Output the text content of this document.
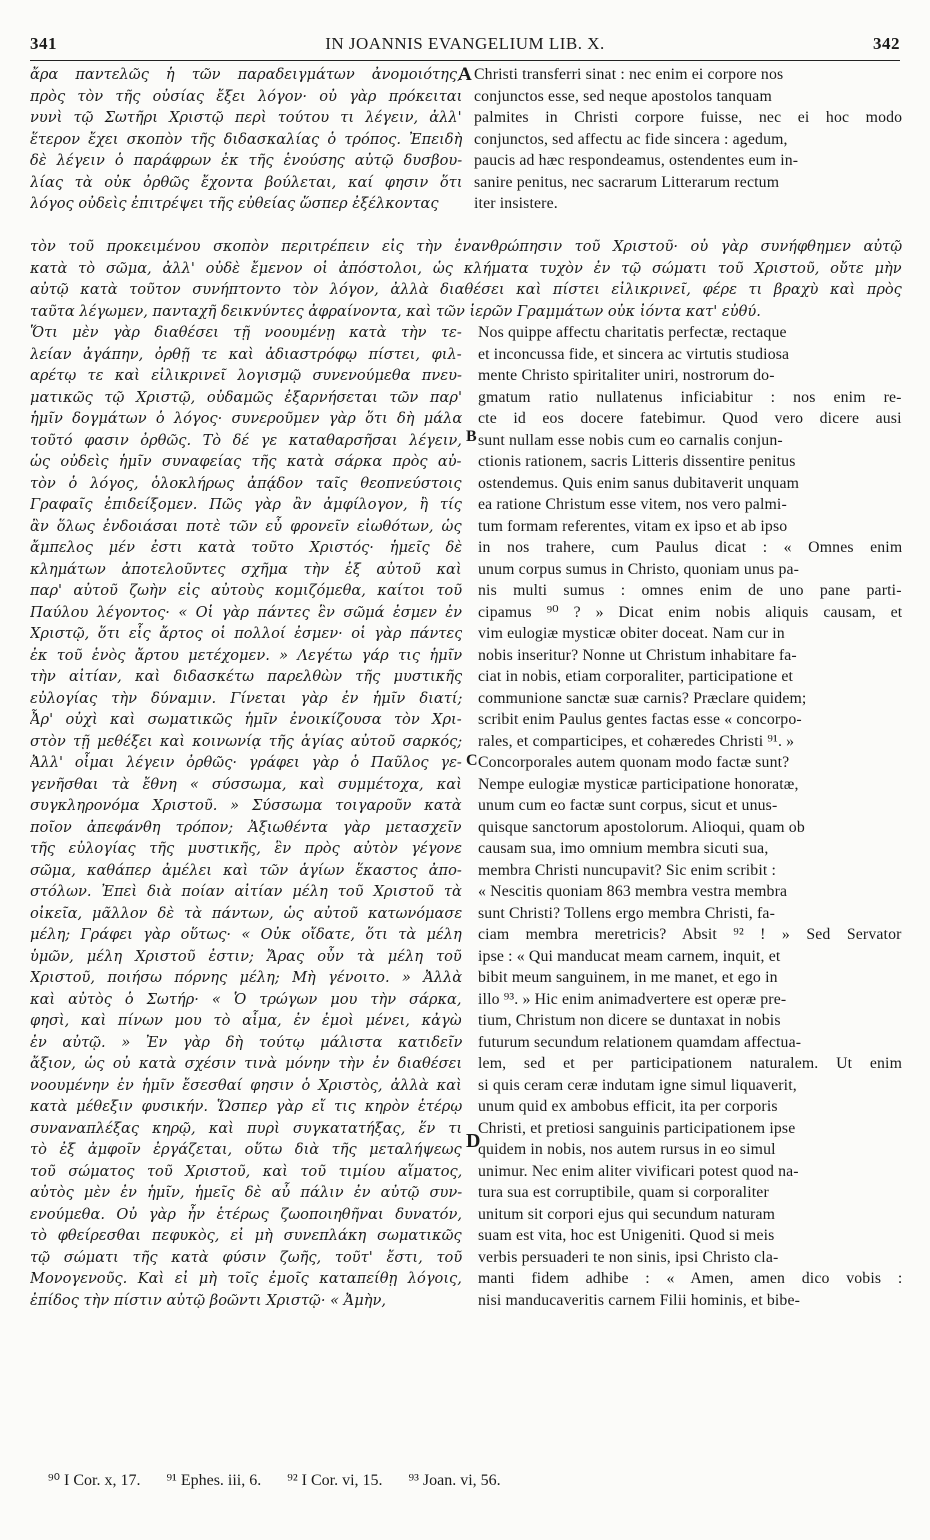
341	IN JOANNIS EVANGELIUM LIB. X.	342
A
B
C
D
ἄρα παντελῶς ἡ τῶν παραδειγμάτων ἀνομοιότης,
πρὸς τὸν τῆς οὐσίας ἔξει λόγον· οὐ γὰρ πρόκειται
νυνὶ τῷ Σωτῆρι Χριστῷ περὶ τούτου τι λέγειν, ἀλλ'
ἕτερον ἔχει σκοπὸν τῆς διδασκαλίας ὁ τρόπος. Ἐπειδὴ
δὲ λέγειν ὁ παράφρων ἐκ τῆς ἑνούσης αὐτῷ δυσβου-
λίας τὰ οὐκ ὀρθῶς ἔχοντα βούλεται, καί φησιν ὅτι
λόγος οὐδεὶς ἐπιτρέψει τῆς εὐθείας ὥσπερ ἐξέλκοντας
Christi transferri sinat : nec enim ei corpore nos
conjunctos esse, sed neque apostolos tanquam
palmites in Christi corpore fuisse, nec ei hoc modo
conjunctos, sed affectu ac fide sincera : agedum,
paucis ad hæc respondeamus, ostendentes eum in-
sanire penitus, nec sacrarum Litterarum rectum
iter insistere.
τὸν τοῦ προκειμένου σκοπὸν περιτρέπειν εἰς τὴν ἐνανθρώπησιν τοῦ Χριστοῦ· οὐ γὰρ συνήφθημεν αὐτῷ
κατὰ τὸ σῶμα, ἀλλ' οὐδὲ ἔμενον οἱ ἀπόστολοι, ὡς κλήματα τυχὸν ἐν τῷ σώματι τοῦ Χριστοῦ, οὔτε μὴν
αὐτῷ κατὰ τοῦτον συνήπτοντο τὸν λόγον, ἀλλὰ διαθέσει καὶ πίστει εἰλικρινεῖ, φέρε τι βραχὺ καὶ πρὸς
ταῦτα λέγωμεν, πανταχῆ δεικνύντες ἀφραίνοντα, καὶ τῶν ἱερῶν Γραμμάτων οὐκ ἰόντα κατ' εὐθύ.
Ὅτι μὲν γὰρ διαθέσει τῇ νοουμένῃ κατὰ τὴν τε-
λείαν ἀγάπην, ὀρθῇ τε καὶ ἀδιαστρόφῳ πίστει, φιλ-
αρέτῳ τε καὶ εἰλικρινεῖ λογισμῷ συνενούμεθα πνευ-
ματικῶς τῷ Χριστῷ, οὐδαμῶς ἐξαρνήσεται τῶν παρ'
ἡμῖν δογμάτων ὁ λόγος· συνεροῦμεν γὰρ ὅτι δὴ μάλα
τοῦτό φασιν ὀρθῶς. Τὸ δέ γε καταθαρσῆσαι λέγειν,
ὡς οὐδεὶς ἡμῖν συναφείας τῆς κατὰ σάρκα πρὸς αὐ-
τὸν ὁ λόγος, ὁλοκλήρως ἀπᾴδον ταῖς θεοπνεύστοις
Γραφαῖς ἐπιδείξομεν. Πῶς γὰρ ἂν ἀμφίλογον, ἢ τίς
ἂν ὅλως ἐνδοιάσαι ποτὲ τῶν εὖ φρονεῖν εἰωθότων, ὡς
ἄμπελος μέν ἐστι κατὰ τοῦτο Χριστός· ἡμεῖς δὲ
κλημάτων ἀποτελοῦντες σχῆμα τὴν ἐξ αὐτοῦ καὶ
παρ' αὐτοῦ ζωὴν εἰς αὐτοὺς κομιζόμεθα, καίτοι τοῦ
Παύλου λέγοντος· « Οἱ γὰρ πάντες ἓν σῶμά ἐσμεν ἐν
Χριστῷ, ὅτι εἷς ἄρτος οἱ πολλοί ἐσμεν· οἱ γὰρ πάντες
ἐκ τοῦ ἑνὸς ἄρτου μετέχομεν. » Λεγέτω γάρ τις ἡμῖν
τὴν αἰτίαν, καὶ διδασκέτω παρελθὼν τῆς μυστικῆς
εὐλογίας τὴν δύναμιν. Γίνεται γὰρ ἐν ἡμῖν διατί;
Ἆρ' οὐχὶ καὶ σωματικῶς ἡμῖν ἐνοικίζουσα τὸν Χρι-
στὸν τῇ μεθέξει καὶ κοινωνίᾳ τῆς ἁγίας αὐτοῦ σαρκός;
Ἀλλ' οἶμαι λέγειν ὀρθῶς· γράφει γὰρ ὁ Παῦλος γε-
γενῆσθαι τὰ ἔθνη « σύσσωμα, καὶ συμμέτοχα, καὶ
συγκληρονόμα Χριστοῦ. » Σύσσωμα τοιγαροῦν κατὰ
ποῖον ἀπεφάνθη τρόπον; Ἀξιωθέντα γὰρ μετασχεῖν
τῆς εὐλογίας τῆς μυστικῆς, ἓν πρὸς αὐτὸν γέγονε
σῶμα, καθάπερ ἀμέλει καὶ τῶν ἁγίων ἕκαστος ἀπο-
στόλων. Ἐπεὶ διὰ ποίαν αἰτίαν μέλη τοῦ Χριστοῦ τὰ
οἰκεῖα, μᾶλλον δὲ τὰ πάντων, ὡς αὐτοῦ κατωνόμασε
μέλη; Γράφει γὰρ οὕτως· « Οὐκ οἴδατε, ὅτι τὰ μέλη
ὑμῶν, μέλη Χριστοῦ ἐστιν; Ἄρας οὖν τὰ μέλη τοῦ
Χριστοῦ, ποιήσω πόρνης μέλη; Μὴ γένοιτο. » Ἀλλὰ
καὶ αὐτὸς ὁ Σωτήρ· « Ὁ τρώγων μου τὴν σάρκα,
φησὶ, καὶ πίνων μου τὸ αἷμα, ἐν ἐμοὶ μένει, κἀγὼ
ἐν αὐτῷ. » Ἐν γὰρ δὴ τούτῳ μάλιστα κατιδεῖν
ἄξιον, ὡς οὐ κατὰ σχέσιν τινὰ μόνην τὴν ἐν διαθέσει
νοουμένην ἐν ἡμῖν ἔσεσθαί φησιν ὁ Χριστὸς, ἀλλὰ καὶ
κατὰ μέθεξιν φυσικήν. Ὥσπερ γὰρ εἴ τις κηρὸν ἑτέρῳ
συναναπλέξας κηρῷ, καὶ πυρὶ συγκατατήξας, ἕν τι
τὸ ἐξ ἀμφοῖν ἐργάζεται, οὕτω διὰ τῆς μεταλήψεως
τοῦ σώματος τοῦ Χριστοῦ, καὶ τοῦ τιμίου αἵματος,
αὐτὸς μὲν ἐν ἡμῖν, ἡμεῖς δὲ αὖ πάλιν ἐν αὐτῷ συν-
ενούμεθα. Οὐ γὰρ ἦν ἑτέρως ζωοποιηθῆναι δυνατόν,
τὸ φθείρεσθαι πεφυκὸς, εἰ μὴ συνεπλάκη σωματικῶς
τῷ σώματι τῆς κατὰ φύσιν ζωῆς, τοῦτ' ἔστι, τοῦ
Μονογενοῦς. Καὶ εἰ μὴ τοῖς ἐμοῖς καταπείθῃ λόγοις,
ἐπίδος τὴν πίστιν αὐτῷ βοῶντι Χριστῷ· « Ἀμὴν,
Nos quippe affectu charitatis perfectæ, rectaque
et inconcussa fide, et sincera ac virtutis studiosa
mente Christo spiritaliter uniri, nostrorum do-
gmatum ratio nullatenus inficiabitur : nos enim re-
cte id eos docere fatebimur. Quod vero dicere ausi
sunt nullam esse nobis cum eo carnalis conjun-
ctionis rationem, sacris Litteris dissentire penitus
ostendemus. Quis enim sanus dubitaverit unquam
ea ratione Christum esse vitem, nos vero palmi-
tum formam referentes, vitam ex ipso et ab ipso
in nos trahere, cum Paulus dicat : « Omnes enim
unum corpus sumus in Christo, quoniam unus pa-
nis multi sumus : omnes enim de uno pane parti-
cipamus ⁹⁰ ? » Dicat enim nobis aliquis causam, et
vim eulogiæ mysticæ obiter doceat. Nam cur in
nobis inseritur? Nonne ut Christum inhabitare fa-
ciat in nobis, etiam corporaliter, participatione et
communione sanctæ suæ carnis? Præclare quidem;
scribit enim Paulus gentes factas esse « concorpo-
rales, et comparticipes, et cohæredes Christi ⁹¹. »
Concorporales autem quonam modo factæ sunt?
Nempe eulogiæ mysticæ participatione honoratæ,
unum cum eo factæ sunt corpus, sicut et unus-
quisque sanctorum apostolorum. Alioqui, quam ob
causam sua, imo omnium membra sicuti sua,
membra Christi nuncupavit? Sic enim scribit :
« Nescitis quoniam 863 membra vestra membra
sunt Christi? Tollens ergo membra Christi, fa-
ciam membra meretricis? Absit ⁹² ! » Sed Servator
ipse : « Qui manducat meam carnem, inquit, et
bibit meum sanguinem, in me manet, et ego in
illo ⁹³. » Hic enim animadvertere est operæ pre-
tium, Christum non dicere se duntaxat in nobis
futurum secundum relationem quamdam affectua-
lem, sed et per participationem naturalem. Ut enim
si quis ceram ceræ indutam igne simul liquaverit,
unum quid ex ambobus efficit, ita per corporis
Christi, et pretiosi sanguinis participationem ipse
quidem in nobis, nos autem rursus in eo simul
unimur. Nec enim aliter vivificari potest quod na-
tura sua est corruptibile, quam si corporaliter
unitum sit corpori ejus qui secundum naturam
suam est vita, hoc est Unigeniti. Quod si meis
verbis persuaderi te non sinis, ipsi Christo cla-
manti fidem adhibe : « Amen, amen dico vobis :
nisi manducaveritis carnem Filii hominis, et bibe-
⁹⁰ I Cor. x, 17. ⁹¹ Ephes. iii, 6. ⁹² I Cor. vi, 15. ⁹³ Joan. vi, 56.
